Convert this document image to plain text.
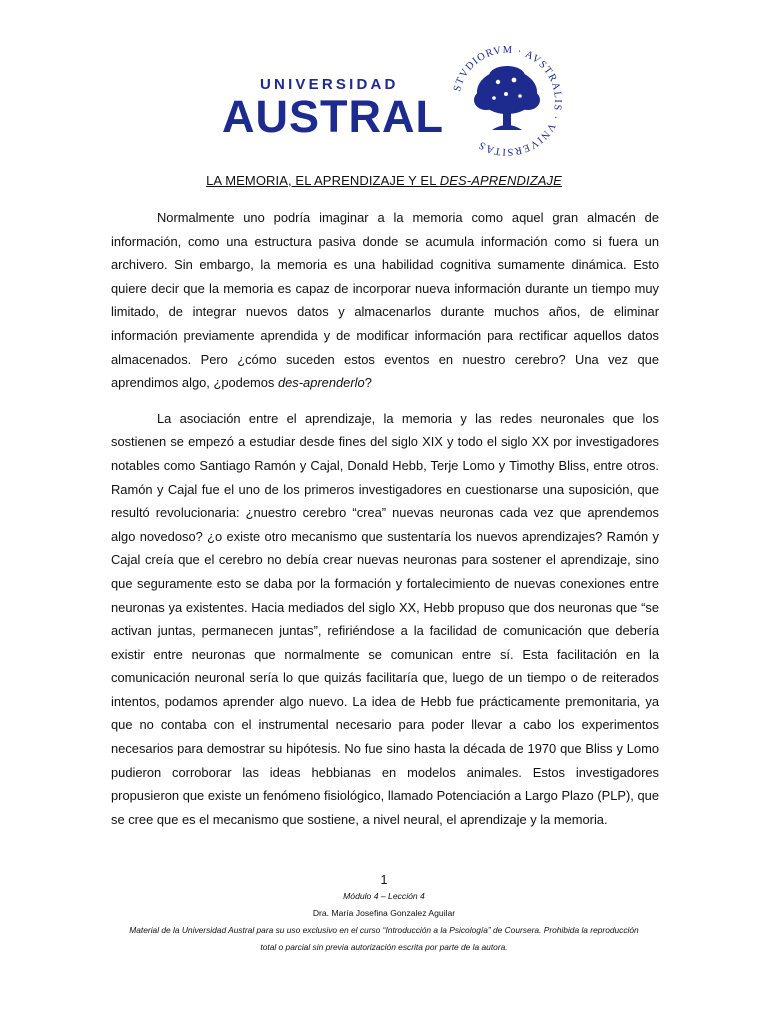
UNIVERSIDAD
AUSTRAL
STVDIORVM · AVSTRALIS · VNIVERSITAS
LA MEMORIA, EL APRENDIZAJE Y EL DES-APRENDIZAJE

Normalmente uno podría imaginar a la memoria como aquel gran almacén de información, como una estructura pasiva donde se acumula información como si fuera un archivero. Sin embargo, la memoria es una habilidad cognitiva sumamente dinámica. Esto quiere decir que la memoria es capaz de incorporar nueva información durante un tiempo muy limitado, de integrar nuevos datos y almacenarlos durante muchos años, de eliminar información previamente aprendida y de modificar información para rectificar aquellos datos almacenados. Pero ¿cómo suceden estos eventos en nuestro cerebro? Una vez que aprendimos algo, ¿podemos des-aprenderlo?

La asociación entre el aprendizaje, la memoria y las redes neuronales que los sostienen se empezó a estudiar desde fines del siglo XIX y todo el siglo XX por investigadores notables como Santiago Ramón y Cajal, Donald Hebb, Terje Lomo y Timothy Bliss, entre otros. Ramón y Cajal fue el uno de los primeros investigadores en cuestionarse una suposición, que resultó revolucionaria: ¿nuestro cerebro “crea” nuevas neuronas cada vez que aprendemos algo novedoso? ¿o existe otro mecanismo que sustentaría los nuevos aprendizajes? Ramón y Cajal creía que el cerebro no debía crear nuevas neuronas para sostener el aprendizaje, sino que seguramente esto se daba por la formación y fortalecimiento de nuevas conexiones entre neuronas ya existentes. Hacia mediados del siglo XX, Hebb propuso que dos neuronas que “se activan juntas, permanecen juntas”, refiriéndose a la facilidad de comunicación que debería existir entre neuronas que normalmente se comunican entre sí. Esta facilitación en la comunicación neuronal sería lo que quizás facilitaría que, luego de un tiempo o de reiterados intentos, podamos aprender algo nuevo. La idea de Hebb fue prácticamente premonitaria, ya que no contaba con el instrumental necesario para poder llevar a cabo los experimentos necesarios para demostrar su hipótesis. No fue sino hasta la década de 1970 que Bliss y Lomo pudieron corroborar las ideas hebbianas en modelos animales. Estos investigadores propusieron que existe un fenómeno fisiológico, llamado Potenciación a Largo Plazo (PLP), que se cree que es el mecanismo que sostiene, a nivel neural, el aprendizaje y la memoria.

1
Módulo 4 – Lección 4
Dra. María Josefina Gonzalez Aguilar
Material de la Universidad Austral para su uso exclusivo en el curso “Introducción a la Psicología” de Coursera. Prohibida la reproducción total o parcial sin previa autorización escrita por parte de la autora.
